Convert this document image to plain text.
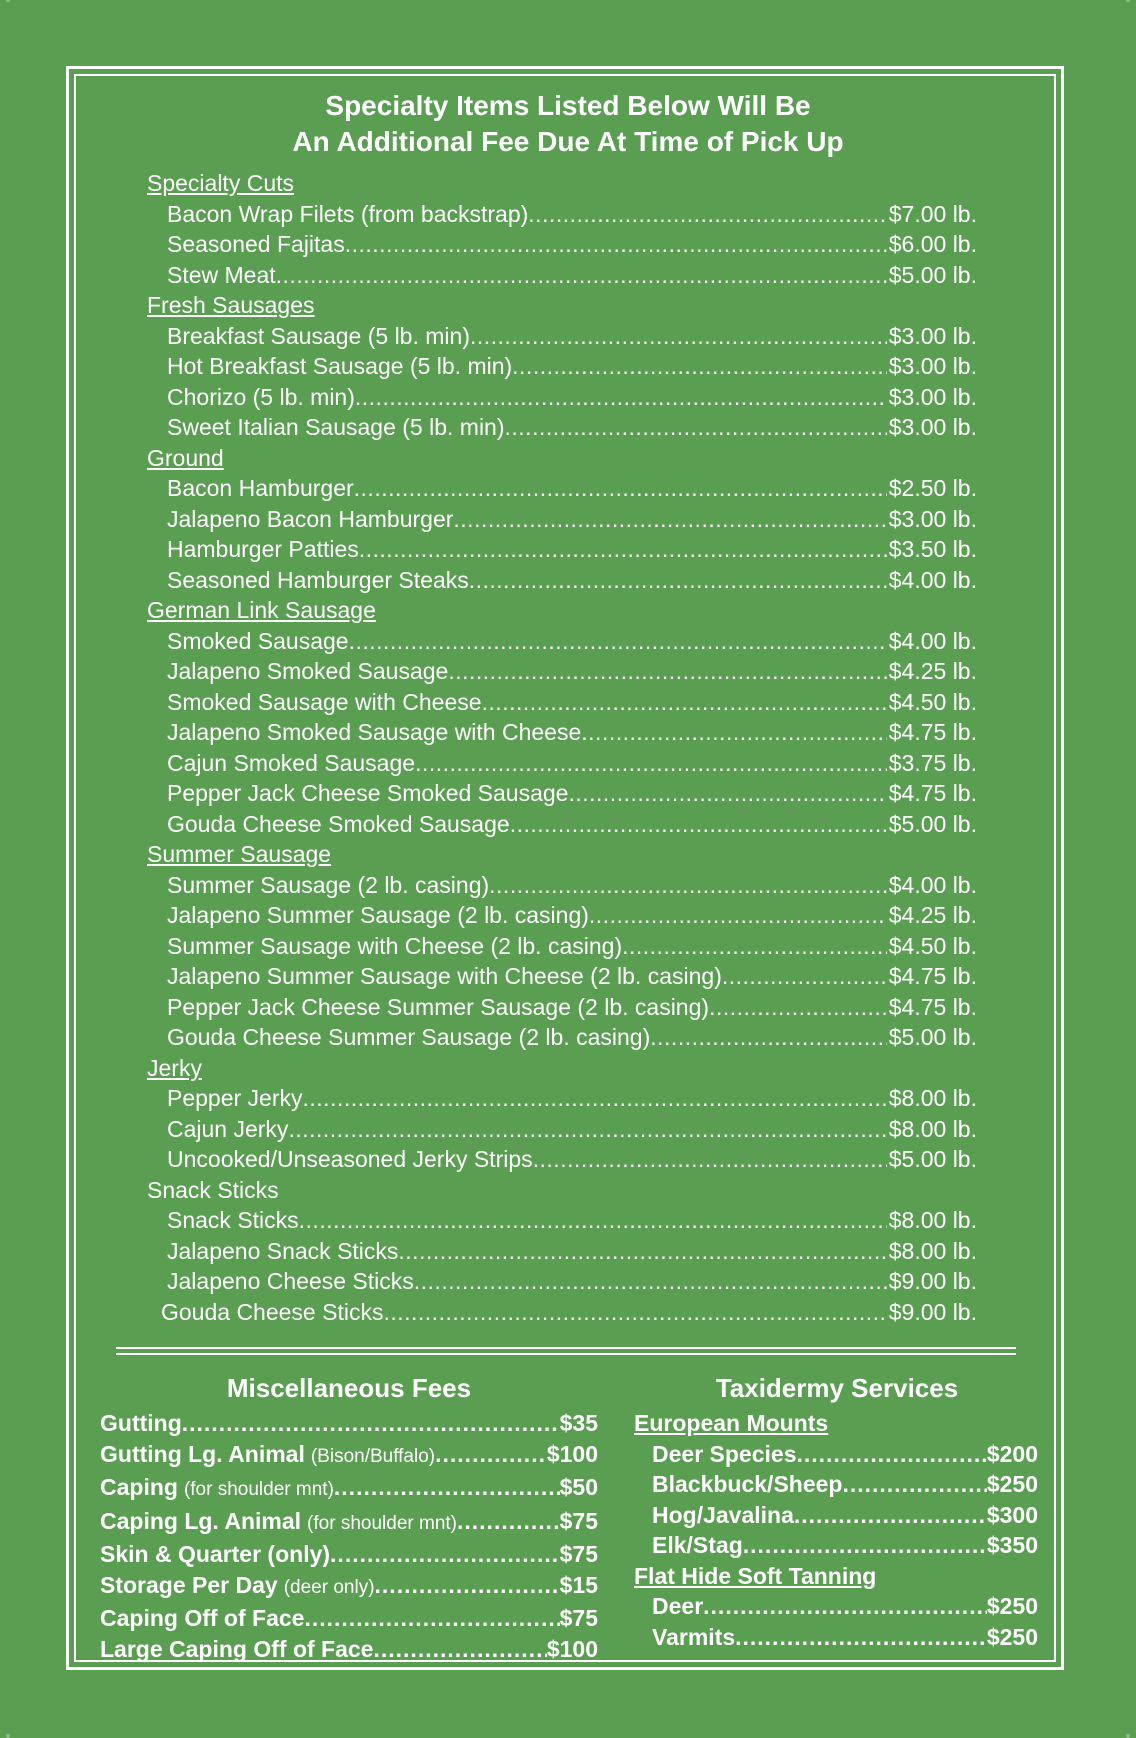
Specialty Items Listed Below Will Be
An Additional Fee Due At Time of Pick Up
Specialty Cuts
Bacon Wrap Filets (from backstrap) .....	$7.00 lb.
Seasoned Fajitas .....	$6.00 lb.
Stew Meat .....	$5.00 lb.
Fresh Sausages
Breakfast Sausage (5 lb. min) .....	$3.00 lb.
Hot Breakfast Sausage (5 lb. min) .....	$3.00 lb.
Chorizo (5 lb. min) .....	$3.00 lb.
Sweet Italian Sausage (5 lb. min) .....	$3.00 lb.
Ground
Bacon Hamburger .....	$2.50 lb.
Jalapeno Bacon Hamburger .....	$3.00 lb.
Hamburger Patties .....	$3.50 lb.
Seasoned Hamburger Steaks .....	$4.00 lb.
German Link Sausage
Smoked Sausage .....	$4.00 lb.
Jalapeno Smoked Sausage .....	$4.25 lb.
Smoked Sausage with Cheese .....	$4.50 lb.
Jalapeno Smoked Sausage with Cheese .....	$4.75 lb.
Cajun Smoked Sausage .....	$3.75 lb.
Pepper Jack Cheese Smoked Sausage .....	$4.75 lb.
Gouda Cheese Smoked Sausage .....	$5.00 lb.
Summer Sausage
Summer Sausage (2 lb. casing) .....	$4.00 lb.
Jalapeno Summer Sausage (2 lb. casing) .....	$4.25 lb.
Summer Sausage with Cheese (2 lb. casing) .....	$4.50 lb.
Jalapeno Summer Sausage with Cheese (2 lb. casing) .....	$4.75 lb.
Pepper Jack Cheese Summer Sausage (2 lb. casing) .....	$4.75 lb.
Gouda Cheese Summer Sausage (2 lb. casing) .....	$5.00 lb.
Jerky
Pepper Jerky .....	$8.00 lb.
Cajun Jerky .....	$8.00 lb.
Uncooked/Unseasoned Jerky Strips .....	$5.00 lb.
Snack Sticks
Snack Sticks .....	$8.00 lb.
Jalapeno Snack Sticks .....	$8.00 lb.
Jalapeno Cheese Sticks .....	$9.00 lb.
Gouda Cheese Sticks .....	$9.00 lb.
Miscellaneous Fees	Taxidermy Services
Gutting .....	$35
Gutting Lg. Animal (Bison/Buffalo) .....	$100
Caping (for shoulder mnt) .....	$50
Caping Lg. Animal (for shoulder mnt) .....	$75
Skin & Quarter (only) .....	$75
Storage Per Day (deer only) .....	$15
Caping Off of Face .....	$75
Large Caping Off of Face .....	$100
European Mounts
Deer Species .....	$200
Blackbuck/Sheep .....	$250
Hog/Javalina .....	$300
Elk/Stag .....	$350
Flat Hide Soft Tanning
Deer .....	$250
Varmits .....	$250
